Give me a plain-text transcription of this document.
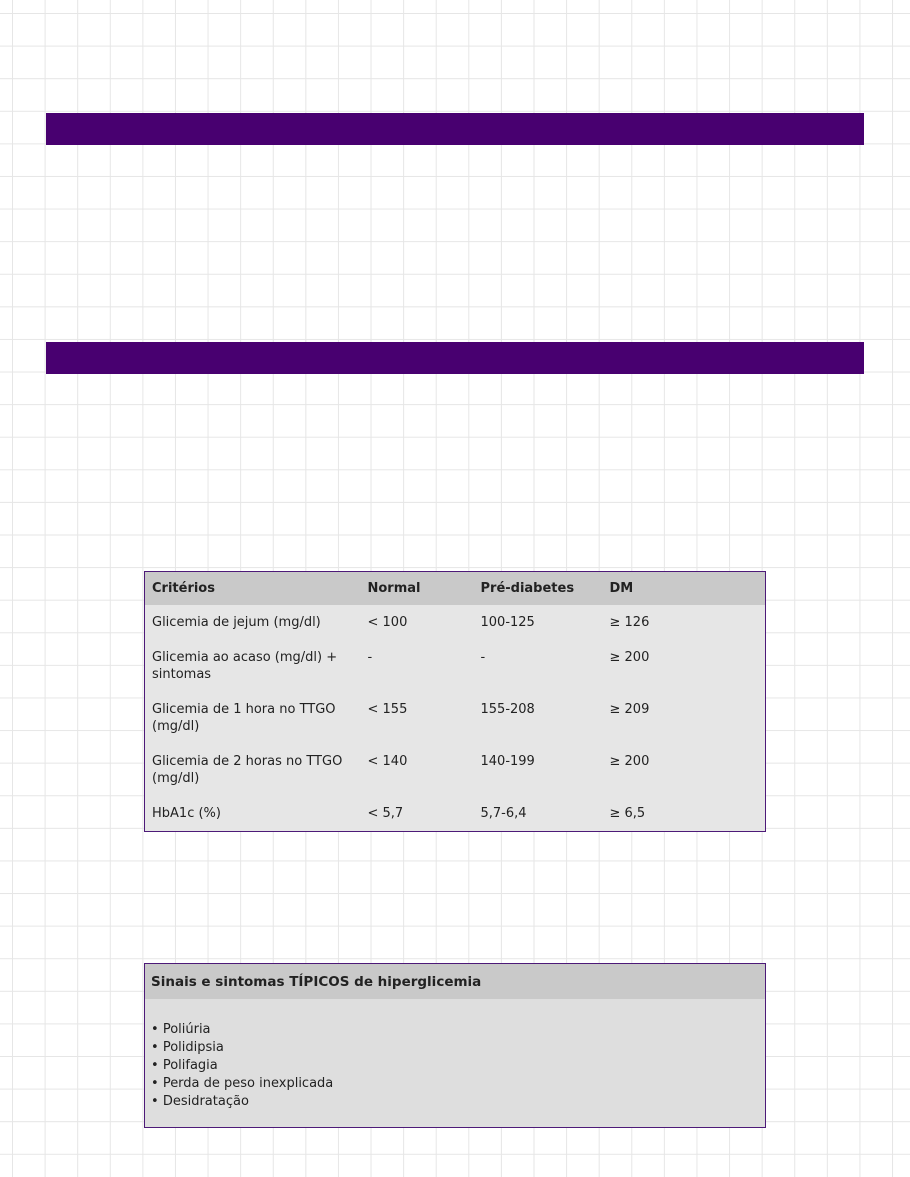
Critérios	Normal	Pré-diabetes	DM
Glicemia de jejum (mg/dl)	< 100	100-125	≥ 126
Glicemia ao acaso (mg/dl) + sintomas	-	-	≥ 200
Glicemia de 1 hora no TTGO (mg/dl)	< 155	155-208	≥ 209
Glicemia de 2 horas no TTGO (mg/dl)	< 140	140-199	≥ 200
HbA1c (%)	< 5,7	5,7-6,4	≥ 6,5
Sinais e sintomas TÍPICOS de hiperglicemia
• Poliúria
• Polidipsia
• Polifagia
• Perda de peso inexplicada
• Desidratação
